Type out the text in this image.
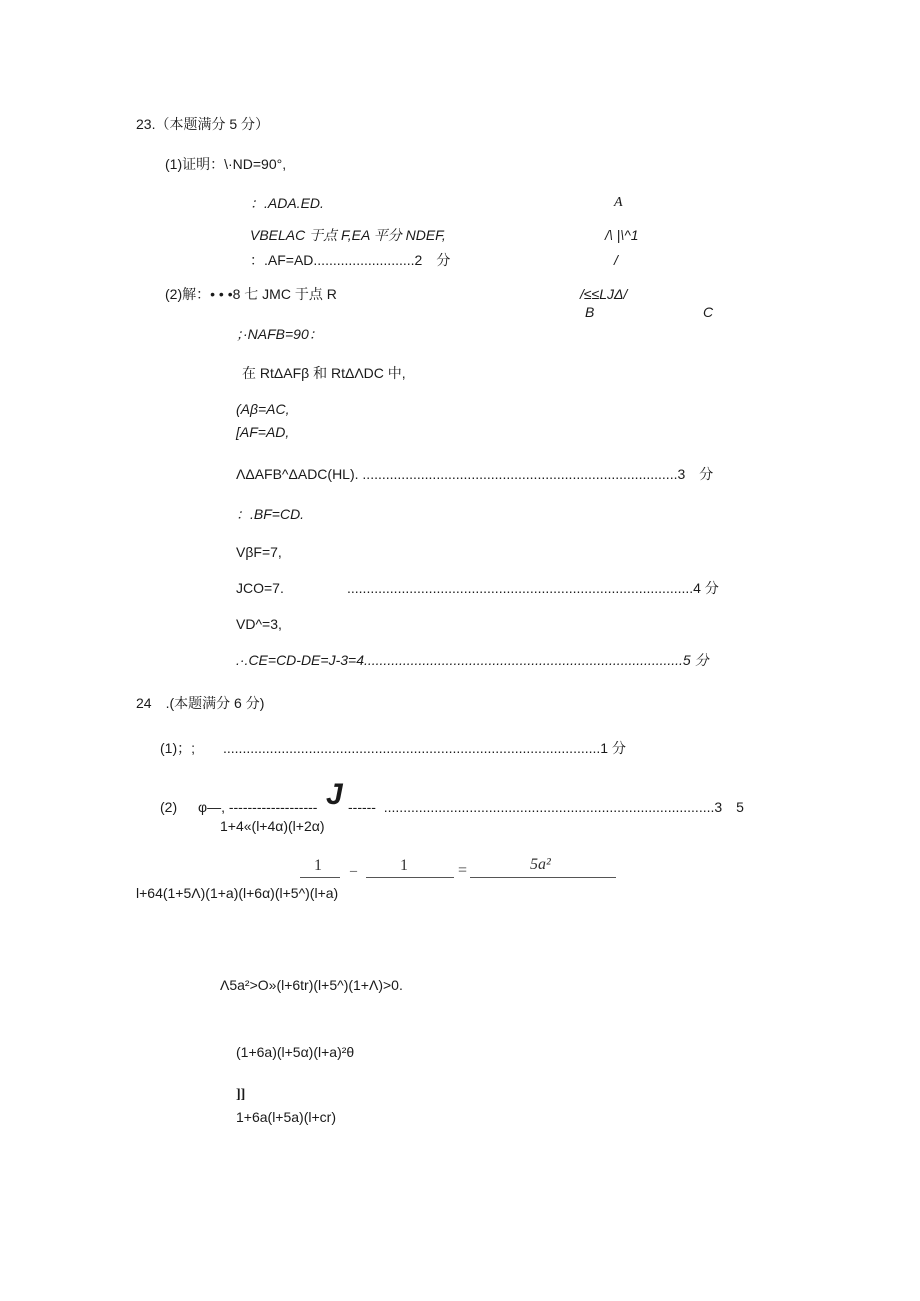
23.（本题满分 5 分）
(1)证明：\·ND=90°,
：.ADA.ED.	A
VBELAC 于点 F,EA 平分 NDEF,	/\ |\^1
：.AF=AD..........................2　分	/
(2)解：• • •8 七 JMC 于点 R	/≤≤LJΔ/
B	C
；·NAFB=90：
在 RtΔAFβ 和 RtΔΛDC 中,
(Aβ=AC,
[AF=AD,
ΛΔAFB^ΔADC(HL). .................................................................................3　分
：.BF=CD.
VβF=7,
JCO=7.	.........................................................................................4 分
VD^=3,
.·.CE=CD-DE=J-3=4..................................................................................5 分
24　.(本题满分 6 分)
(1)；;　　.................................................................................................1 分
(2) φ—, ------------------- J ------  .....................................................................................3　5
1+4«(l+4α)(l+2α)
1 _	1	=	5a²
l+64(1+5Λ)(1+a)(l+6α)(l+5^)(l+a)
Λ5a²>O»(l+6tr)(l+5^)(1+Λ)>0.
(1+6a)(l+5α)(l+a)²θ
]]
1+6a(l+5a)(l+cr)
